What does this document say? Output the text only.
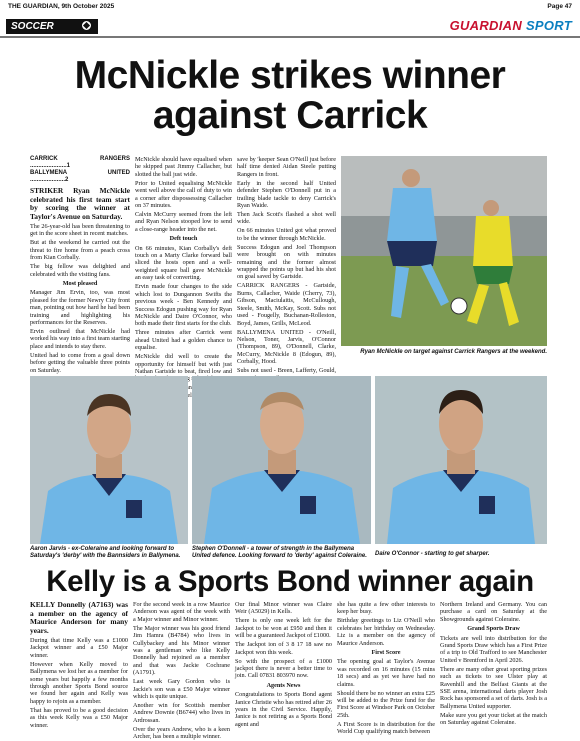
THE GUARDIAN, 9th October 2025	Page 47
SOCCER	GUARDIAN SPORT
McNickle strikes winner
against Carrick
CARRICK RANGERS ......................1
BALLYMENA UNITED .....................2

STRIKER Ryan McNickle celebrated his first team start by scoring the winner at Taylor's Avenue on Saturday.

The 26-year-old has been threatening to get in the score sheet in recent matches.

But at the weekend he carried out the threat to fire home from a peach cross from Kian Corbally.

The big fellow was delighted and celebrated with the visiting fans.

Most pleased

Manager Jim Ervin, too, was most pleased for the former Newry City front man, pointing out how hard he had been training and highlighting his performances for the Reserves.

Ervin outlined that McNickle had worked his way into a first team starting place and intends to stay there.

United had to come from a goal down before getting the valuable three points on Saturday.

McNickle should have equalised when he skipped past Jimmy Callacher, but slotted the ball just wide.

Prior to United equalising McNickle went well above the call of duty to win a corner after dispossessing Callacher on 37 minutes.

Calvin McCurry seemed from the left and Ryan Nelson stooped low to send a close-range header into the net.

Deft touch

On 66 minutes, Kian Corbally's deft touch on a Marty Clarke forward ball sliced the hosts open and a well-weighted square ball gave McNickle an easy task of converting.

Ervin made four changes to the side which lost to Dungannon Swifts the previous week - Ben Kennedy and Success Edogun pushing way for Ryan McNickle and Daire O'Connor, who both made their first starts for the club.

Three minutes after Carrick went ahead United had a golden chance to equalise.

McNickle did well to create the opportunity for himself but with just Nathan Gartside to beat, fired low and

range

save by 'keeper Sean O'Neill just before half time denied Aidan Steele putting Rangers in front.

Early in the second half United defender Stephen O'Donnell put in a trailing blade tackle to deny Carrick's Ryan Waide.

Then Jack Scott's flashed a shot well wide.

On 66 minutes United got what proved to be the winner through McNickle.

Success Edogun and Joel Thompson were brought on with minutes remaining and the former almost wrapped the points up but had his shot on goal saved by Gartside.

CARRICK RANGERS - Gartside, Burns, Callacher, Waide (Cherry, 73), Gibson, Maciulaitis, McCullough, Steele, Smith, McKay, Scott. Subs not used - Fougelly, Buchanan-Rolleston, Boyd, James, Grills, McLeod.

BALLYMENA UNITED - O'Neill, Nelson, Toner, Jarvis, O'Connor (Thompson, 89), O'Donnell, Clarke, McCurry, McNickle 8 (Edogun, 89), Corbally, Hood.

Subs not used - Breen, Lafferty, Gould,

Ryan McNickle on target against Carrick Rangers at the weekend.
Aaron Jarvis - ex-Coleraine and looking forward to Saturday's 'derby' with the Bannsiders in Ballymena.
Stephen O'Donnell - a tower of strength in the Ballymena United defence. Looking forward to 'derby' against Coleraine.	Daire O'Connor - starting to get sharper.
Kelly is a Sports Bond winner again

KELLY Donnelly (A7163) was a member on the agency of Maurice Anderson for many years.

During that time Kelly was a £1000 Jackpot winner and a £50 Major winner.

However when Kelly moved to Ballymena we lost her as a member for some years but happily a few months through another Sports Bond source we found her again and Kelly was happy to rejoin as a member.

That has proved to be a good decision as this week Kelly was a £50 Major winner.

For the second week in a row Maurice Anderson was agent of the week with a Major winner and Minor winner.

The Major winner was his good friend Jim Hamra (B4784) who lives in Cullybackey and his Minor winner was a gentleman who like Kelly Donnelly had rejoined as a member and that was Jackie Cochrane (A1791).

Last week Gary Gordon who is Jackie's son was a £50 Major winner which is quite unique.

Another win for Scottish member Andrew Downie (B6744) who lives in Ardrossan.

Over the years Andrew, who is a keen Archer, has been a multiple winner.

Our final Minor winner was Claire Weir (A5029) in Kells.

There is only one week left for the Jackpot to be won at £950 and then it will be a guaranteed Jackpot of £1000.

The Jackpot ion of 3 8 17 18 saw no Jackpot won this week.

So with the prospect of a £1000 jackpot there is never a better time to join. Call 07831 803970 now.

Agents News

Congratulations to Sports Bond agent Janice Christie who has retired after 26 years in the Civil Service. Happily, Janice is not retiring as a Sports Bond agent and

she has quite a few other interests to keep her busy.

Birthday greetings to Liz O'Neill who celebrates her birthday on Wednesday. Liz is a member on the agency of Maurice Anderson.

First Score

The opening goal at Taylor's Avenue was recorded on 16 minutes (15 mins 18 secs) and as yet we have had no claims.

Should there be no winner an extra £25 will be added to the Prize fund for the First Score at Windsor Park on October 25th.

A First Score is in distribution for the World Cup qualifying match between

Northern Ireland and Germany. You can purchase a card on Saturday at the Showgrounds against Coleraine.

Grand Sports Draw

Tickets are well into distribution for the Grand Sports Draw which has a First Prize of a trip to Old Trafford to see Manchester United v Brentford in April 2026.

There are many other great sporting prizes such as tickets to see Ulster play at Ravenhill and the Belfast Giants at the SSE arena, international darts player Josh Rock has sponsored a set of darts. Josh is a Ballymena United supporter.

Make sure you get your ticket at the match on Saturday against Coleraine.
